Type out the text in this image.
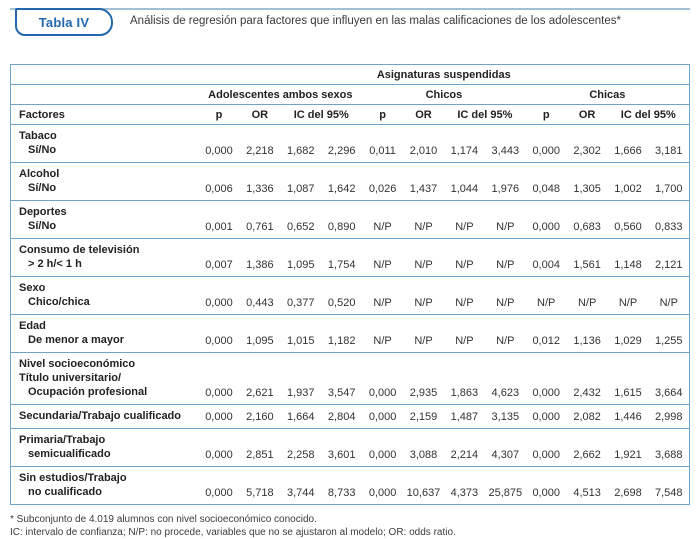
Tabla IV	Análisis de regresión para factores que influyen en las malas calificaciones de los adolescentes*
	Asignaturas suspendidas											
	Adolescentes ambos sexos				Chicos				Chicas			
Factores	p	OR	IC del 95%		p	OR	IC del 95%		p	OR	IC del 95%	

Tabaco
Sí/No	0,000	2,218	1,682	2,296	0,011	2,010	1,174	3,443	0,000	2,302	1,666	3,181

Alcohol
Sí/No	0,006	1,336	1,087	1,642	0,026	1,437	1,044	1,976	0,048	1,305	1,002	1,700

Deportes
Sí/No	0,001	0,761	0,652	0,890	N/P	N/P	N/P	N/P	0,000	0,683	0,560	0,833

Consumo de televisión
> 2 h/< 1 h	0,007	1,386	1,095	1,754	N/P	N/P	N/P	N/P	0,004	1,561	1,148	2,121

Sexo
Chico/chica	0,000	0,443	0,377	0,520	N/P	N/P	N/P	N/P	N/P	N/P	N/P	N/P

Edad
De menor a mayor	0,000	1,095	1,015	1,182	N/P	N/P	N/P	N/P	0,012	1,136	1,029	1,255

Nivel socioeconómico
Título universitario/
Ocupación profesional	0,000	2,621	1,937	3,547	0,000	2,935	1,863	4,623	0,000	2,432	1,615	3,664

Secundaria/Trabajo cualificado	0,000	2,160	1,664	2,804	0,000	2,159	1,487	3,135	0,000	2,082	1,446	2,998

Primaria/Trabajo
semicualificado	0,000	2,851	2,258	3,601	0,000	3,088	2,214	4,307	0,000	2,662	1,921	3,688

Sin estudios/Trabajo
no cualificado	0,000	5,718	3,744	8,733	0,000	10,637	4,373	25,875	0,000	4,513	2,698	7,548
* Subconjunto de 4.019 alumnos con nivel socioeconómico conocido.
IC: intervalo de confianza; N/P: no procede, variables que no se ajustaron al modelo; OR: odds ratio.
